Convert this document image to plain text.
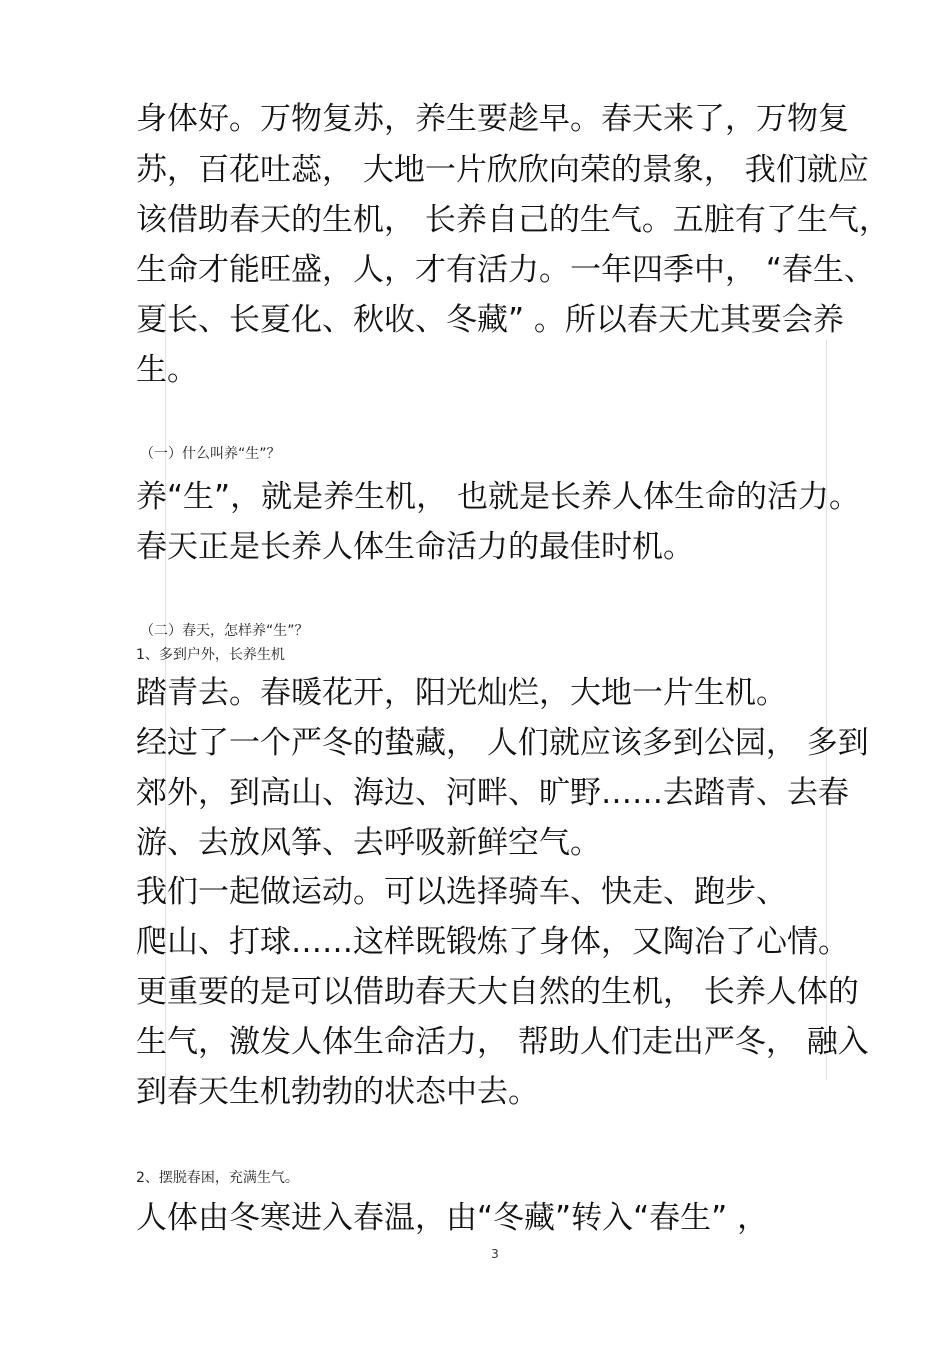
身体好。万物复苏，养生要趁早。春天来了，万物复
苏，百花吐蕊， 大地一片欣欣向荣的景象， 我们就应
该借助春天的生机， 长养自己的生气。五脏有了生气，
生命才能旺盛，人，才有活力。一年四季中， “春生、
夏长、长夏化、秋收、冬藏” 。所以春天尤其要会养
生。
（一）什么叫养“生”？
养“生”，就是养生机， 也就是长养人体生命的活力。
春天正是长养人体生命活力的最佳时机。
（二）春天，怎样养“生”？
1、多到户外，长养生机
踏青去。春暖花开，阳光灿烂，大地一片生机。
经过了一个严冬的蛰藏， 人们就应该多到公园， 多到
郊外，到高山、海边、河畔、旷野……去踏青、去春
游、去放风筝、去呼吸新鲜空气。
我们一起做运动。可以选择骑车、快走、跑步、
爬山、打球……这样既锻炼了身体，又陶冶了心情。
更重要的是可以借助春天大自然的生机， 长养人体的
生气，激发人体生命活力， 帮助人们走出严冬， 融入
到春天生机勃勃的状态中去。
2、摆脱春困，充满生气。
人体由冬寒进入春温，由“冬藏”转入“春生” ，
3
